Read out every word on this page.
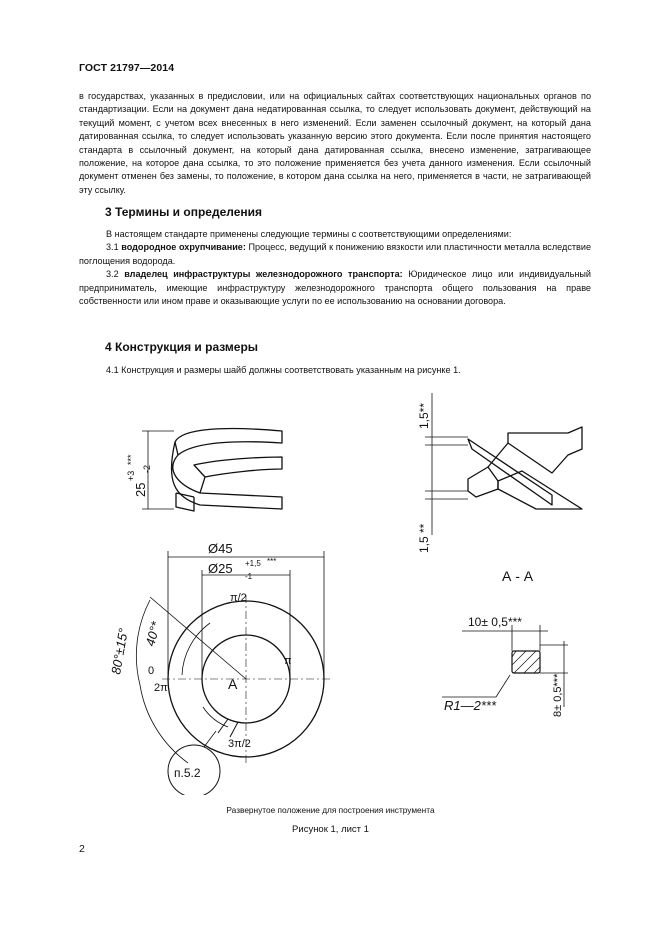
ГОСТ 21797—2014
в государствах, указанных в предисловии, или на официальных сайтах соответствующих национальных органов по стандартизации. Если на документ дана недатированная ссылка, то следует использовать документ, действующий на текущий момент, с учетом всех внесенных в него изменений. Если заменен ссылочный документ, на который дана датированная ссылка, то следует использовать указанную версию этого документа. Если после принятия настоящего стандарта в ссылочный документ, на который дана датированная ссылка, внесено изменение, затрагивающее положение, на которое дана ссылка, то это положение применяется без учета данного изменения. Если ссылочный документ отменен без замены, то положение, в котором дана ссылка на него, применяется в части, не затрагивающей эту ссылку.
3 Термины и определения

В настоящем стандарте применены следующие термины с соответствующими определениями:

3.1 водородное охрупчивание: Процесс, ведущий к понижению вязкости или пластичности металла вследствие поглощения водорода.

3.2 владелец инфраструктуры железнодорожного транспорта: Юридическое лицо или индивидуальный предприниматель, имеющие инфраструктуру железнодорожного транспорта общего пользования на праве собственности или ином праве и оказывающие услуги по ее использованию на основании договора.

4 Конструкция и размеры

4.1 Конструкция и размеры шайб должны соответствовать указанным на рисунке 1.

25
+3
***
-2
Ø45
Ø25 +1,5 ***
-1
π/2
π
0
2π	А
3π/2
40°*
80°±15°
п.5.2
1,5**
1,5 **
А - А
10± 0,5***
8± 0,5***
R1—2***
Развернутое положение для построения инструмента
Рисунок 1, лист 1
2
